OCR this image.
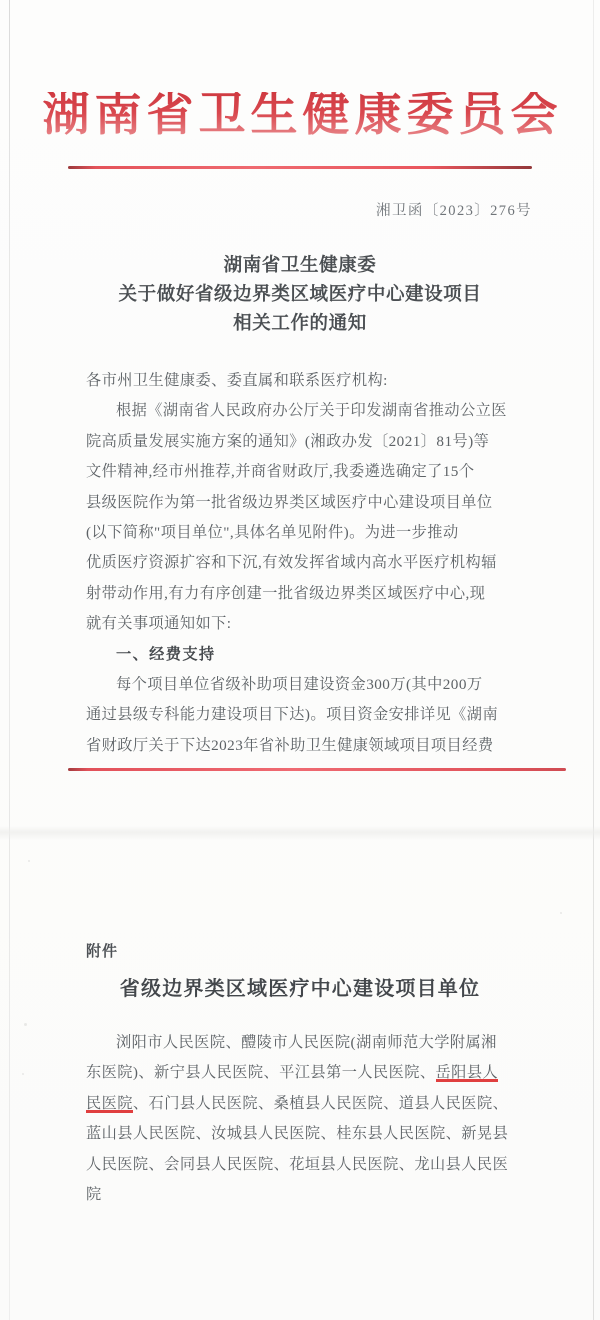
湖南省卫生健康委员会
湘卫函〔2023〕276号
湖南省卫生健康委
关于做好省级边界类区域医疗中心建设项目
相关工作的通知
各市州卫生健康委、委直属和联系医疗机构:
根据《湖南省人民政府办公厅关于印发湖南省推动公立医
院高质量发展实施方案的通知》(湘政办发〔2021〕81号)等
文件精神,经市州推荐,并商省财政厅,我委遴选确定了15个
县级医院作为第一批省级边界类区域医疗中心建设项目单位
(以下简称"项目单位",具体名单见附件)。为进一步推动
优质医疗资源扩容和下沉,有效发挥省域内高水平医疗机构辐
射带动作用,有力有序创建一批省级边界类区域医疗中心,现
就有关事项通知如下:
一、经费支持
每个项目单位省级补助项目建设资金300万(其中200万
通过县级专科能力建设项目下达)。项目资金安排详见《湖南
省财政厅关于下达2023年省补助卫生健康领域项目项目经费
附件
省级边界类区域医疗中心建设项目单位
浏阳市人民医院、醴陵市人民医院(湖南师范大学附属湘
东医院)、新宁县人民医院、平江县第一人民医院、岳阳县人
民医院、石门县人民医院、桑植县人民医院、道县人民医院、
蓝山县人民医院、汝城县人民医院、桂东县人民医院、新晃县
人民医院、会同县人民医院、花垣县人民医院、龙山县人民医
院
